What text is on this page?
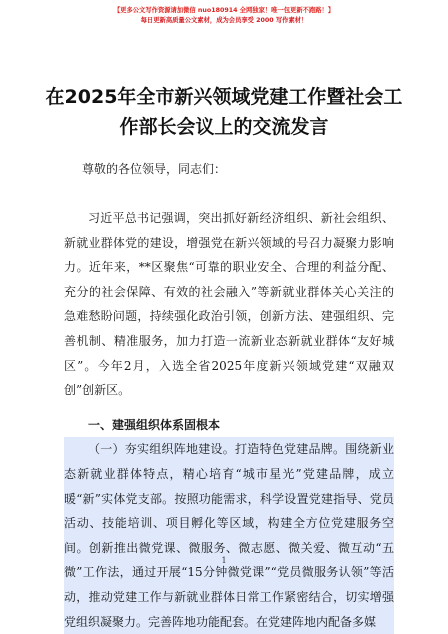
【更多公文写作资源请加微信 nuo180914 全网独家！唯一包更新不跑路！】
每日更新高质量公文素材，成为会员享受 2000 写作素材！
在2025年全市新兴领域党建工作暨社会工作部长会议上的交流发言
尊敬的各位领导，同志们：

习近平总书记强调，突出抓好新经济组织、新社会组织、新就业群体党的建设，增强党在新兴领域的号召力凝聚力影响力。近年来，**区聚焦“可靠的职业安全、合理的利益分配、充分的社会保障、有效的社会融入”等新就业群体关心关注的急难愁盼问题，持续强化政治引领，创新方法、建强组织、完善机制、精准服务，加力打造一流新业态新就业群体“友好城区”。今年2月，入选全省2025年度新兴领域党建“双融双创”创新区。

一、建强组织体系固根本

（一）夯实组织阵地建设。打造特色党建品牌。围绕新业态新就业群体特点，精心培育“城市星光”党建品牌，成立暖“新”实体党支部。按照功能需求，科学设置党建指导、党员活动、技能培训、项目孵化等区域，构建全方位党建服务空间。创新推出微党课、微服务、微志愿、微关爱、微互动“五微”工作法，通过开展“15分钟微党课”“党员微服务认领”等活动，推动党建工作与新就业群体日常工作紧密结合，切实增强党组织凝聚力。完善阵地功能配套。在党建阵地内配备多媒

1
